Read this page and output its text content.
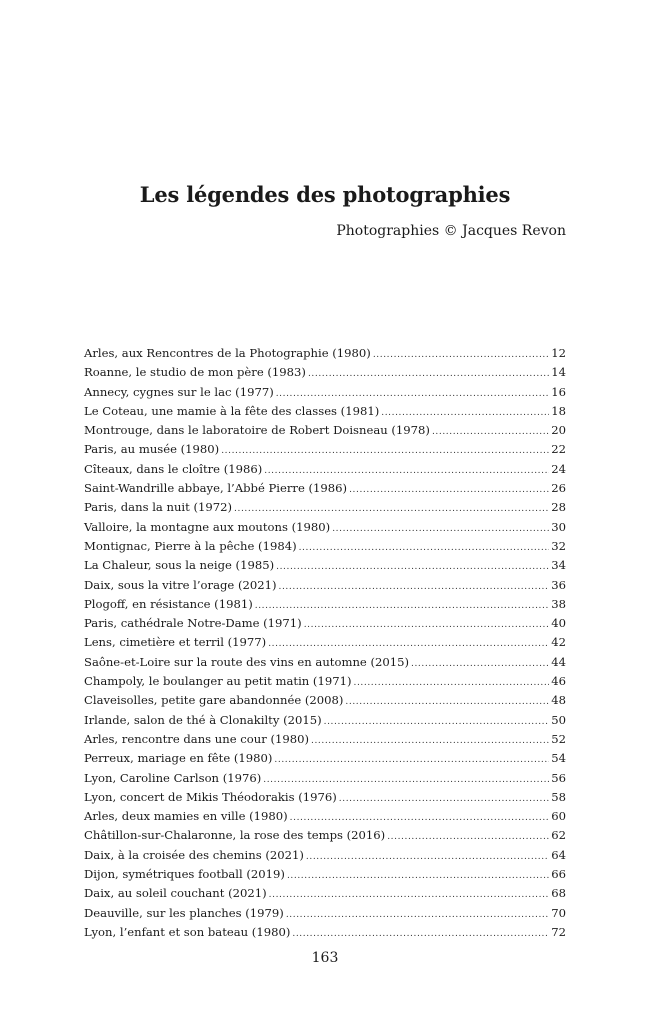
Les légendes des photographies

Photographies © Jacques Revon

Arles, aux Rencontres de la Photographie (1980) .....	12
Roanne, le studio de mon père (1983) .....	14
Annecy, cygnes sur le lac (1977) .....	16
Le Coteau, une mamie à la fête des classes (1981) .....	18
Montrouge, dans le laboratoire de Robert Doisneau (1978) .....	20
Paris, au musée (1980) .....	22
Cîteaux, dans le cloître (1986) .....	24
Saint-Wandrille abbaye, l’Abbé Pierre (1986) .....	26
Paris, dans la nuit (1972) .....	28
Valloire, la montagne aux moutons (1980) .....	30
Montignac, Pierre à la pêche (1984) .....	32
La Chaleur, sous la neige (1985) .....	34
Daix, sous la vitre l’orage (2021) .....	36
Plogoff, en résistance (1981) .....	38
Paris, cathédrale Notre-Dame (1971) .....	40
Lens, cimetière et terril (1977) .....	42
Saône-et-Loire sur la route des vins en automne (2015) .....	44
Champoly, le boulanger au petit matin (1971) .....	46
Claveisolles, petite gare abandonnée (2008) .....	48
Irlande, salon de thé à Clonakilty (2015) .....	50
Arles, rencontre dans une cour (1980) .....	52
Perreux, mariage en fête (1980) .....	54
Lyon, Caroline Carlson (1976) .....	56
Lyon, concert de Mikis Théodorakis (1976) .....	58
Arles, deux mamies en ville (1980) .....	60
Châtillon-sur-Chalaronne, la rose des temps (2016) .....	62
Daix, à la croisée des chemins (2021) .....	64
Dijon, symétriques football (2019) .....	66
Daix, au soleil couchant (2021) .....	68
Deauville, sur les planches (1979) .....	70
Lyon, l’enfant et son bateau (1980) .....	72

163
